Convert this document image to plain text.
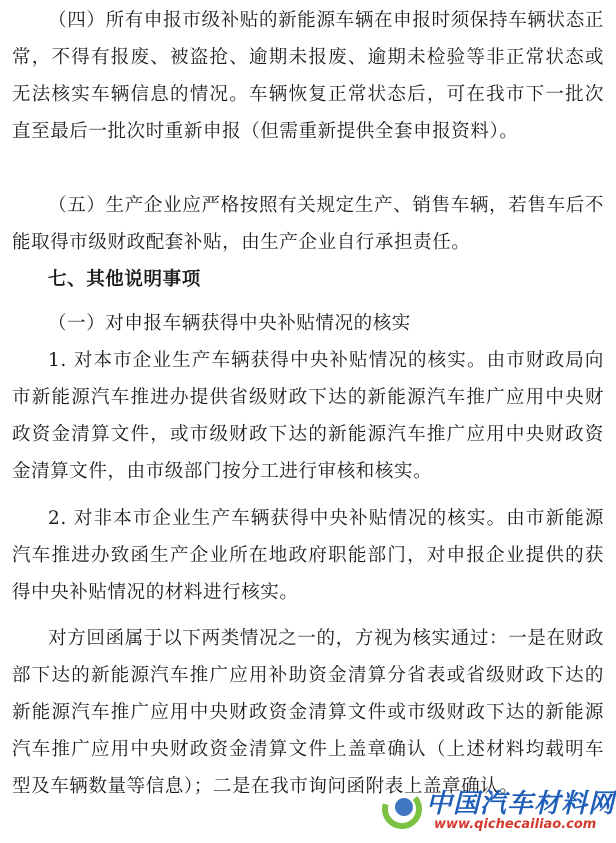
（四）所有申报市级补贴的新能源车辆在申报时须保持车辆状态正常，不得有报废、被盗抢、逾期未报废、逾期未检验等非正常状态或无法核实车辆信息的情况。车辆恢复正常状态后，可在我市下一批次直至最后一批次时重新申报（但需重新提供全套申报资料）。

（五）生产企业应严格按照有关规定生产、销售车辆，若售车后不能取得市级财政配套补贴，由生产企业自行承担责任。

七、其他说明事项
（一）对申报车辆获得中央补贴情况的核实

1. 对本市企业生产车辆获得中央补贴情况的核实。由市财政局向市新能源汽车推进办提供省级财政下达的新能源汽车推广应用中央财政资金清算文件，或市级财政下达的新能源汽车推广应用中央财政资金清算文件，由市级部门按分工进行审核和核实。

2. 对非本市企业生产车辆获得中央补贴情况的核实。由市新能源汽车推进办致函生产企业所在地政府职能部门，对申报企业提供的获得中央补贴情况的材料进行核实。

对方回函属于以下两类情况之一的，方视为核实通过：一是在财政部下达的新能源汽车推广应用补助资金清算分省表或省级财政下达的新能源汽车推广应用中央财政资金清算文件或市级财政下达的新能源汽车推广应用中央财政资金清算文件上盖章确认（上述材料均载明车型及车辆数量等信息）；二是在我市询问函附表上盖章确认。

中国汽车材料网
www.qichecailiao.com
